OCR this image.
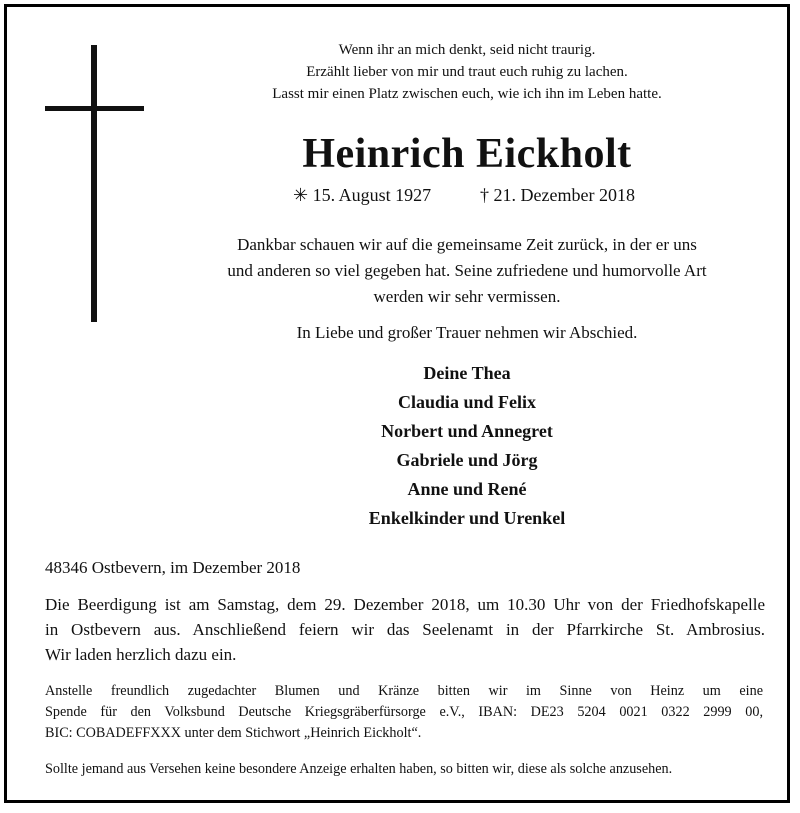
Wenn ihr an mich denkt, seid nicht traurig.
Erzählt lieber von mir und traut euch ruhig zu lachen.
Lasst mir einen Platz zwischen euch, wie ich ihn im Leben hatte.
Heinrich Eickholt
✳ 15. August 1927	† 21. Dezember 2018
Dankbar schauen wir auf die gemeinsame Zeit zurück, in der er uns
und anderen so viel gegeben hat. Seine zufriedene und humorvolle Art
werden wir sehr vermissen.
In Liebe und großer Trauer nehmen wir Abschied.
Deine Thea
Claudia und Felix
Norbert und Annegret
Gabriele und Jörg
Anne und René
Enkelkinder und Urenkel
48346 Ostbevern, im Dezember 2018
Die Beerdigung ist am Samstag, dem 29. Dezember 2018, um 10.30 Uhr von der Friedhofskapelle
in Ostbevern aus. Anschließend feiern wir das Seelenamt in der Pfarrkirche St. Ambrosius.
Wir laden herzlich dazu ein.
Anstelle freundlich zugedachter Blumen und Kränze bitten wir im Sinne von Heinz um eine
Spende für den Volksbund Deutsche Kriegsgräberfürsorge e.V., IBAN: DE23 5204 0021 0322 2999 00,
BIC: COBADEFFXXX unter dem Stichwort „Heinrich Eickholt“.
Sollte jemand aus Versehen keine besondere Anzeige erhalten haben, so bitten wir, diese als solche anzusehen.
